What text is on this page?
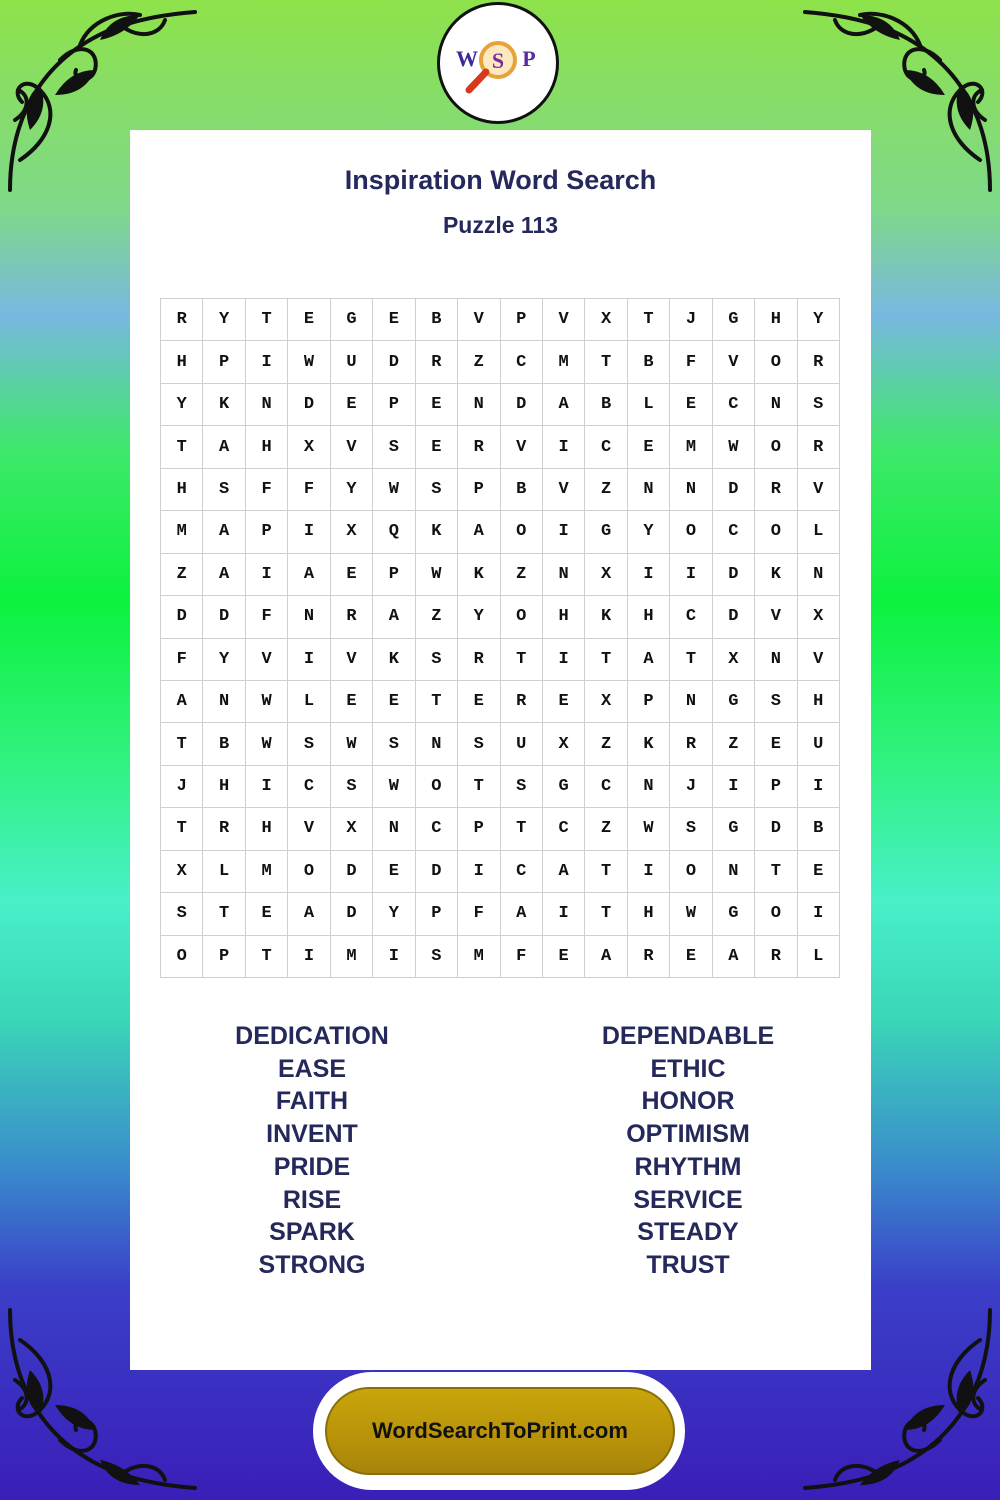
W S P
Inspiration Word Search
Puzzle 113
R	Y	T	E	G	E	B	V	P	V	X	T	J	G	H	Y
H	P	I	W	U	D	R	Z	C	M	T	B	F	V	O	R
Y	K	N	D	E	P	E	N	D	A	B	L	E	C	N	S
T	A	H	X	V	S	E	R	V	I	C	E	M	W	O	R
H	S	F	F	Y	W	S	P	B	V	Z	N	N	D	R	V
M	A	P	I	X	Q	K	A	O	I	G	Y	O	C	O	L
Z	A	I	A	E	P	W	K	Z	N	X	I	I	D	K	N
D	D	F	N	R	A	Z	Y	O	H	K	H	C	D	V	X
F	Y	V	I	V	K	S	R	T	I	T	A	T	X	N	V
A	N	W	L	E	E	T	E	R	E	X	P	N	G	S	H
T	B	W	S	W	S	N	S	U	X	Z	K	R	Z	E	U
J	H	I	C	S	W	O	T	S	G	C	N	J	I	P	I
T	R	H	V	X	N	C	P	T	C	Z	W	S	G	D	B
X	L	M	O	D	E	D	I	C	A	T	I	O	N	T	E
S	T	E	A	D	Y	P	F	A	I	T	H	W	G	O	I
O	P	T	I	M	I	S	M	F	E	A	R	E	A	R	L
DEDICATION
EASE
FAITH
INVENT
PRIDE
RISE
SPARK
STRONG
DEPENDABLE
ETHIC
HONOR
OPTIMISM
RHYTHM
SERVICE
STEADY
TRUST
WordSearchToPrint.com
